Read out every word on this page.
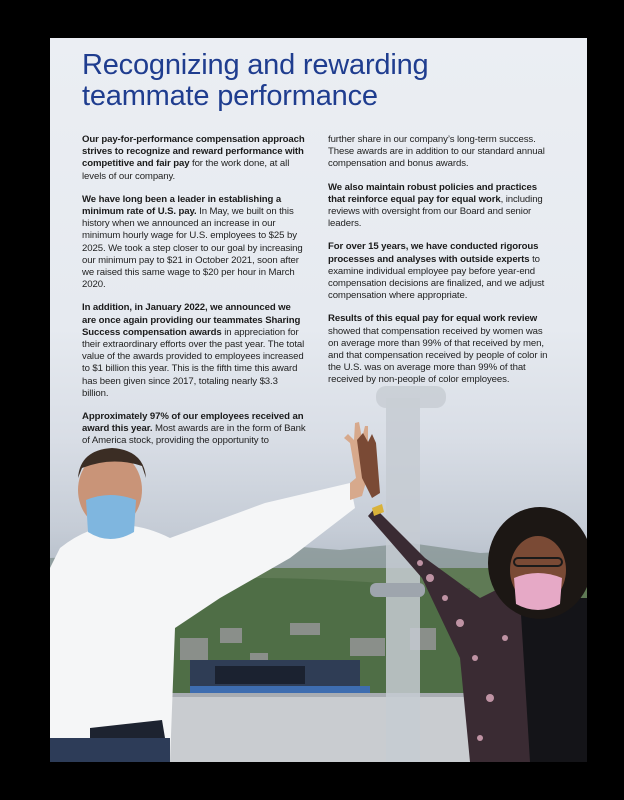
Recognizing and rewarding teammate performance

Our pay-for-performance compensation approach strives to recognize and reward performance with competitive and fair pay for the work done, at all levels of our company.

We have long been a leader in establishing a minimum rate of U.S. pay. In May, we built on this history when we announced an increase in our minimum hourly wage for U.S. employees to $25 by 2025. We took a step closer to our goal by increasing our minimum pay to $21 in October 2021, soon after we raised this same wage to $20 per hour in March 2020.

In addition, in January 2022, we announced we are once again providing our teammates Sharing Success compensation awards in appreciation for their extraordinary efforts over the past year. The total value of the awards provided to employees increased to $1 billion this year. This is the fifth time this award has been given since 2017, totaling nearly $3.3 billion.

Approximately 97% of our employees received an award this year. Most awards are in the form of Bank of America stock, providing the opportunity to

further share in our company’s long-term success. These awards are in addition to our standard annual compensation and bonus awards.

We also maintain robust policies and practices that reinforce equal pay for equal work, including reviews with oversight from our Board and senior leaders.

For over 15 years, we have conducted rigorous processes and analyses with outside experts to examine individual employee pay before year-end compensation decisions are finalized, and we adjust compensation where appropriate.

Results of this equal pay for equal work review showed that compensation received by women was on average more than 99% of that received by men, and that compensation received by people of color in the U.S. was on average more than 99% of that received by non-people of color employees.
